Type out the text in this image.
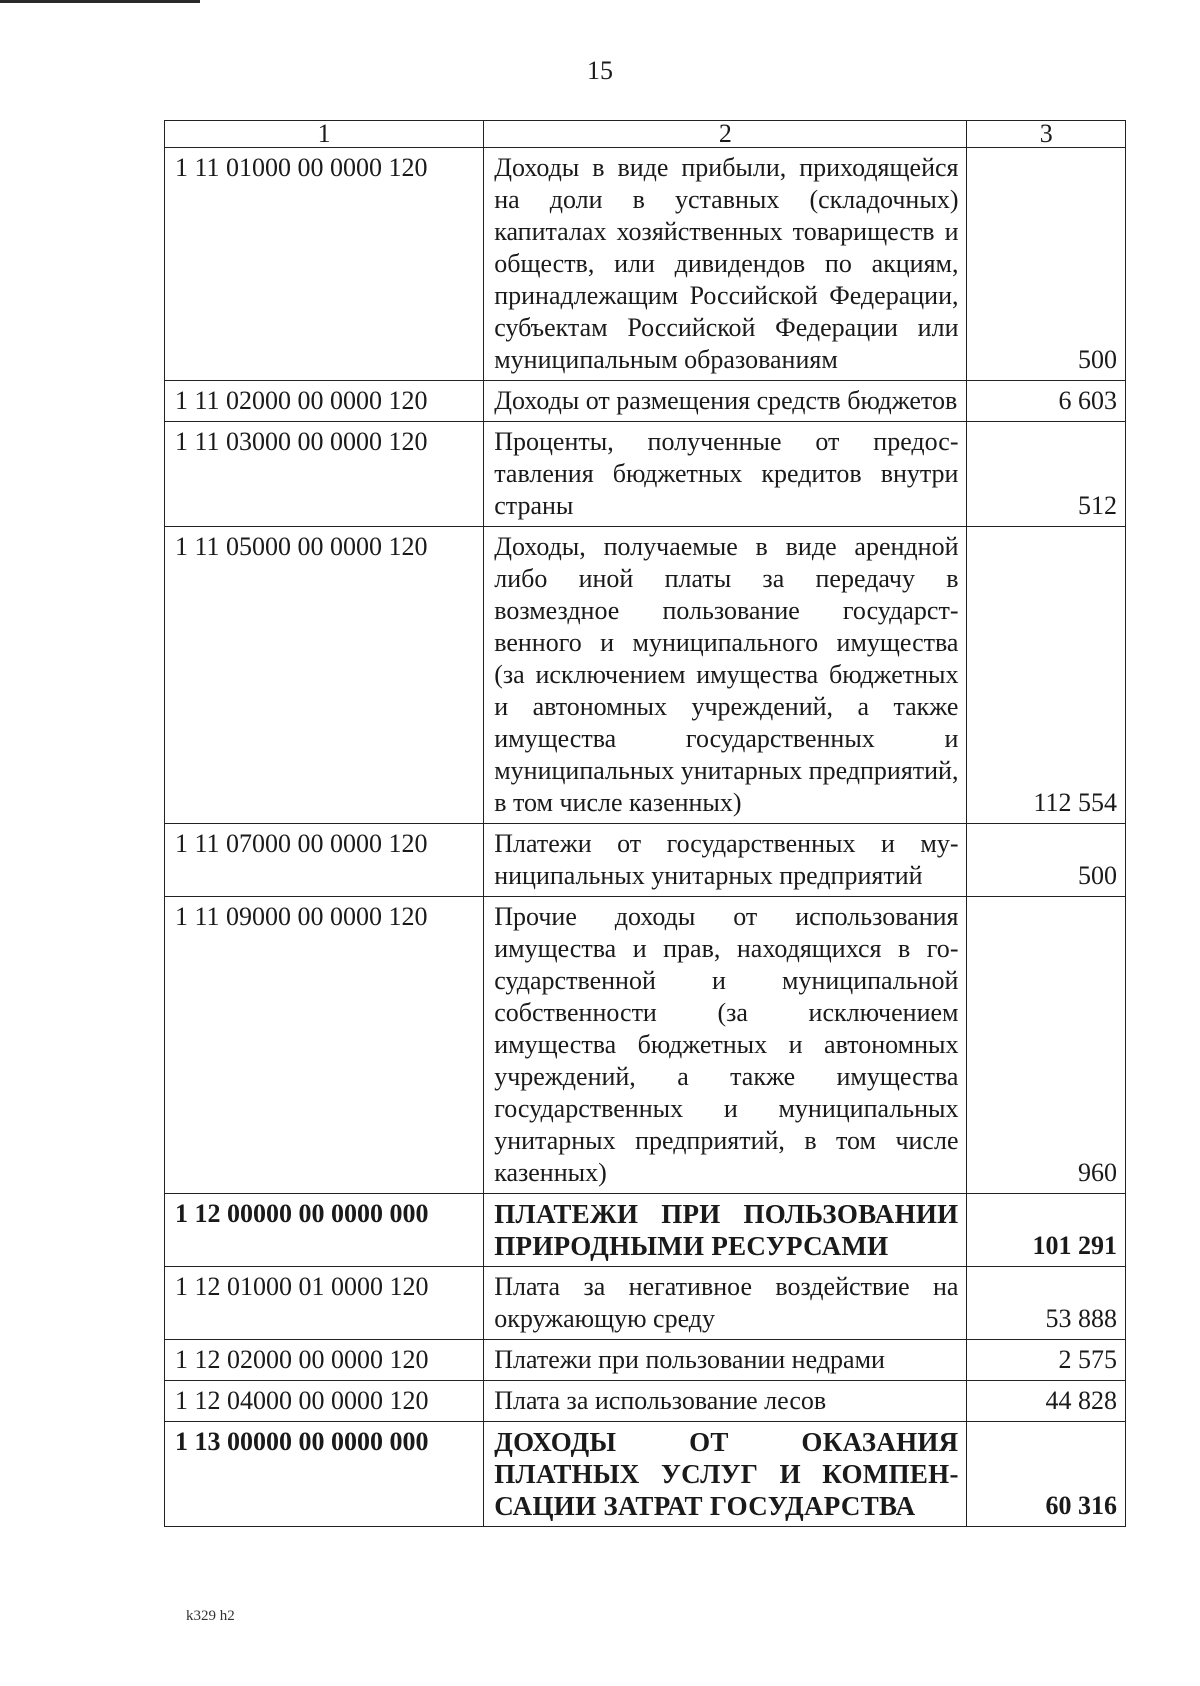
15
1	2	3
1 11 01000 00 0000 120	Доходы в виде прибыли, приходящейся на доли в уставных (складочных) капиталах хозяйственных товариществ и обществ, или дивидендов по акциям, принадлежащим Российской Федерации, субъектам Российской Федерации или муниципальным образованиям	500
1 11 02000 00 0000 120	Доходы от размещения средств бюджетов	6 603
1 11 03000 00 0000 120	Проценты, полученные от предоставления бюджетных кредитов внутри страны	512
1 11 05000 00 0000 120	Доходы, получаемые в виде арендной либо иной платы за передачу в возмездное пользование государственного и муниципального имущества (за исключением имущества бюджетных и автономных учреждений, а также имущества государственных и муниципальных унитарных предприятий, в том числе казенных)	112 554
1 11 07000 00 0000 120	Платежи от государственных и муниципальных унитарных предприятий	500
1 11 09000 00 0000 120	Прочие доходы от использования имущества и прав, находящихся в государственной и муниципальной собственности (за исключением имущества бюджетных и автономных учреждений, а также имущества государственных и муниципальных унитарных предприятий, в том числе казенных)	960
1 12 00000 00 0000 000	ПЛАТЕЖИ ПРИ ПОЛЬЗОВАНИИ ПРИРОДНЫМИ РЕСУРСАМИ	101 291
1 12 01000 01 0000 120	Плата за негативное воздействие на окружающую среду	53 888
1 12 02000 00 0000 120	Платежи при пользовании недрами	2 575
1 12 04000 00 0000 120	Плата за использование лесов	44 828
1 13 00000 00 0000 000	ДОХОДЫ ОТ ОКАЗАНИЯ ПЛАТНЫХ УСЛУГ И КОМПЕНСАЦИИ ЗАТРАТ ГОСУДАРСТВА	60 316
k329 h2
